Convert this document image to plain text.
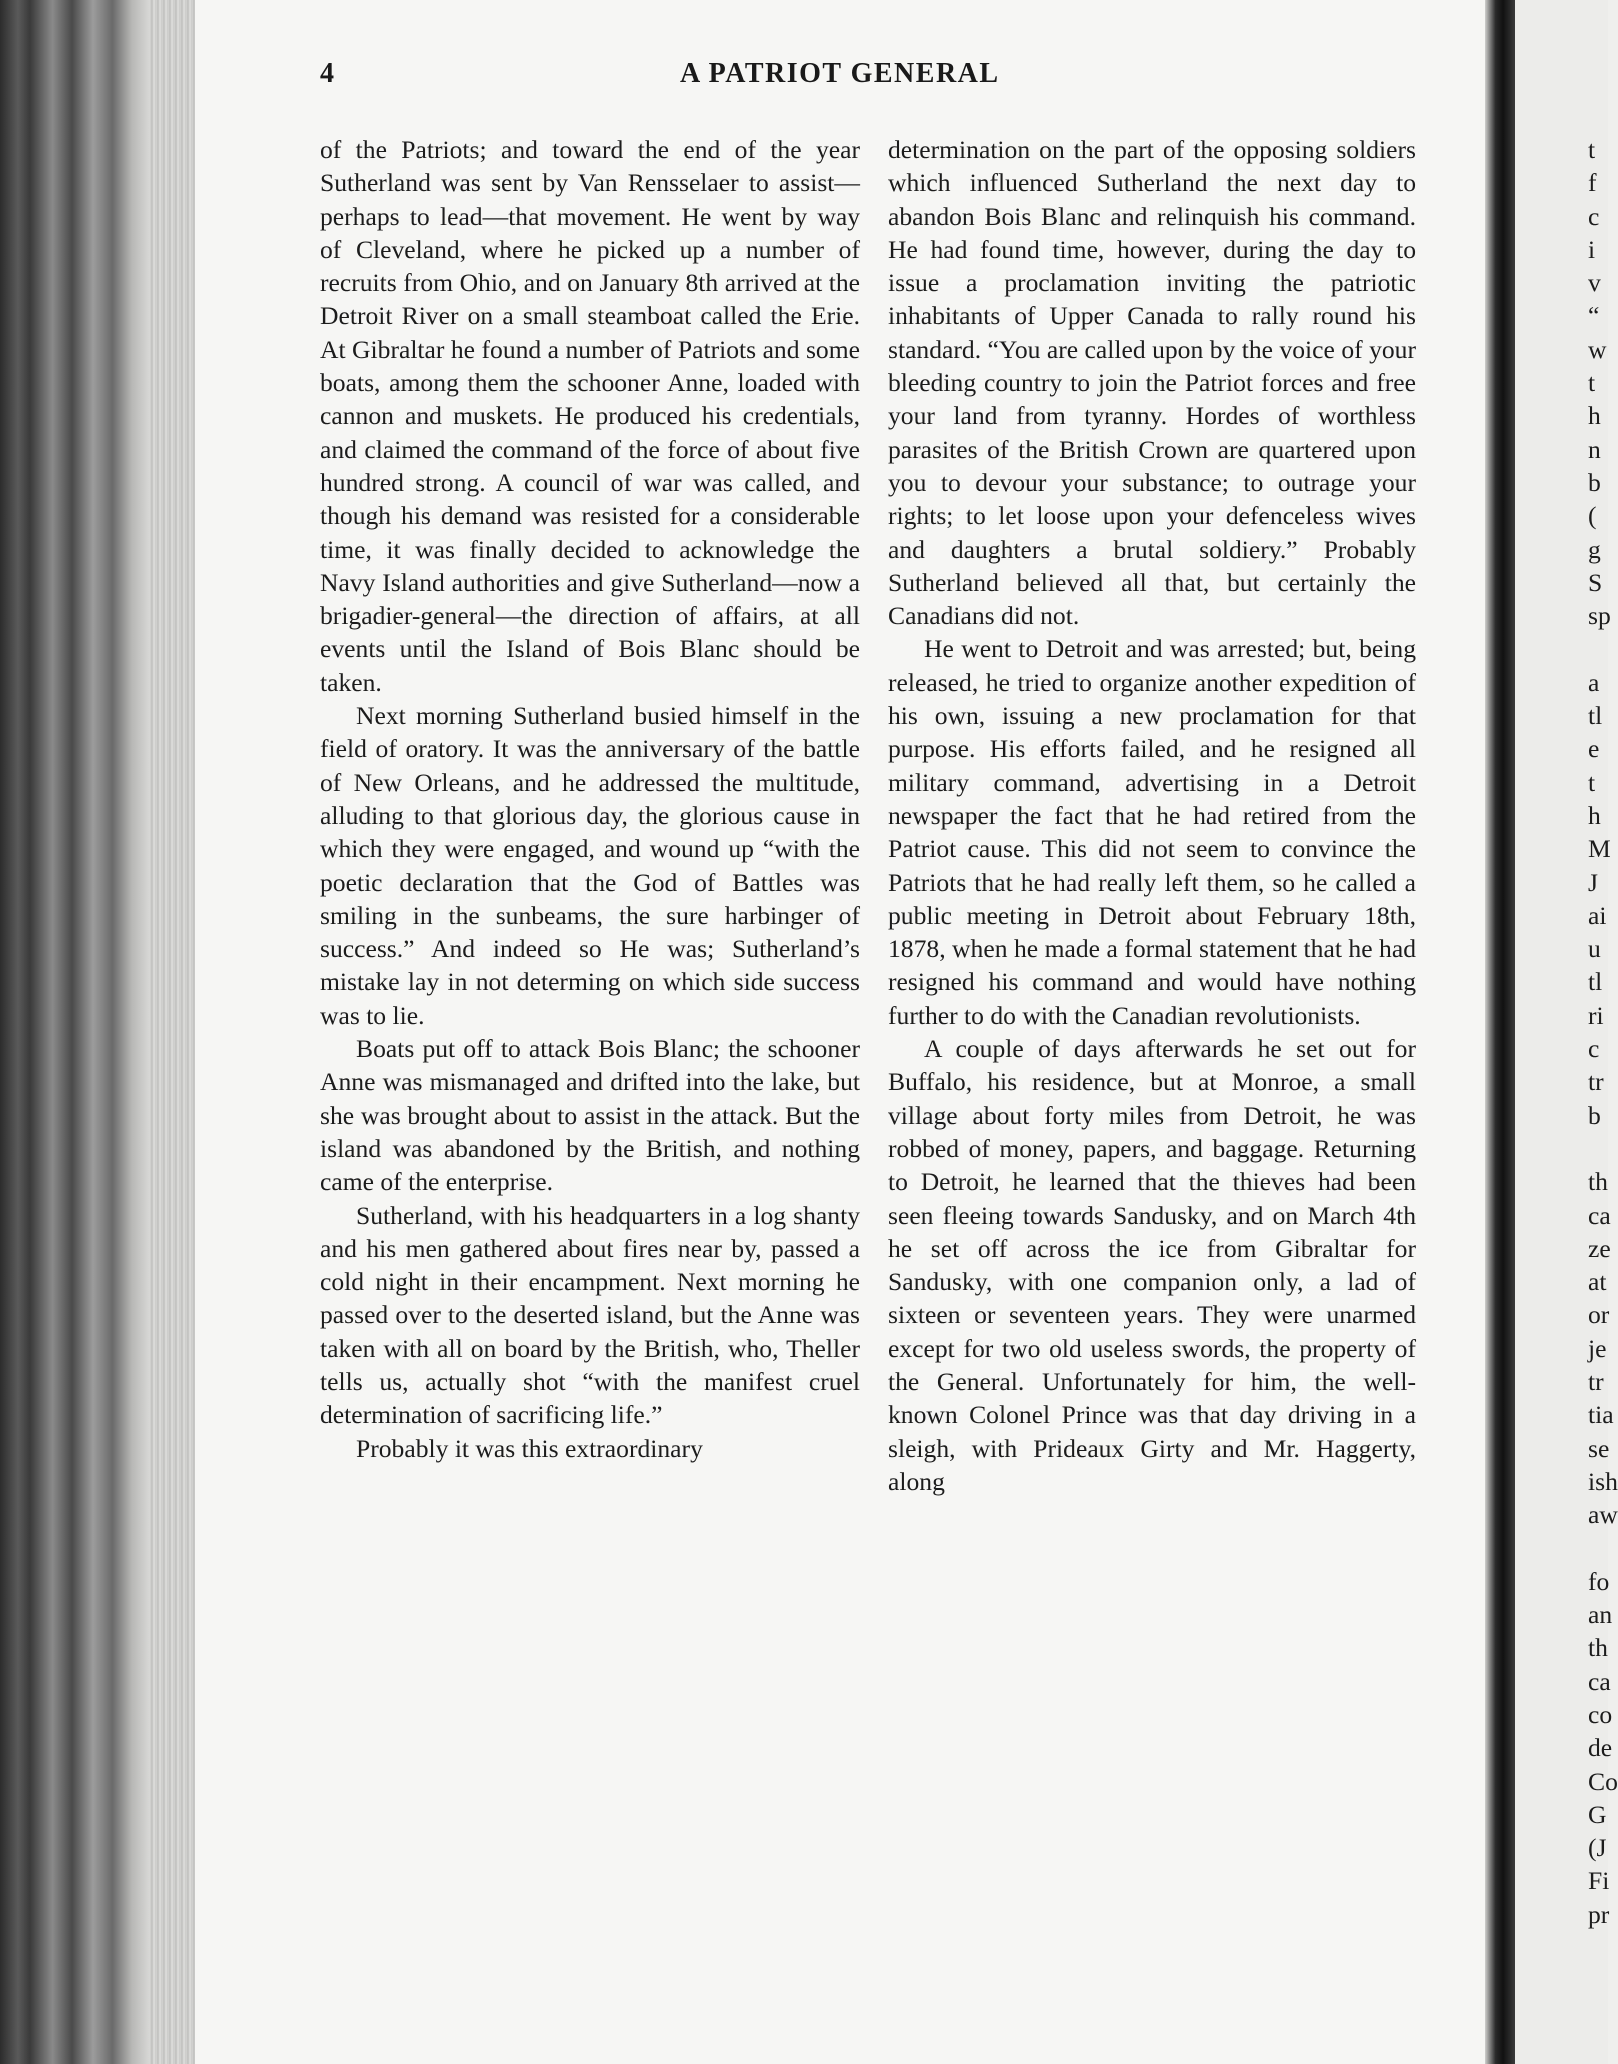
4	A PATRIOT GENERAL

of the Patriots; and toward the end of the year Sutherland was sent by Van Rensselaer to assist—perhaps to lead—that movement. He went by way of Cleveland, where he picked up a number of recruits from Ohio, and on January 8th arrived at the Detroit River on a small steamboat called the Erie. At Gibraltar he found a number of Patriots and some boats, among them the schooner Anne, loaded with cannon and muskets. He produced his credentials, and claimed the command of the force of about five hundred strong. A council of war was called, and though his demand was resisted for a considerable time, it was finally decided to acknowledge the Navy Island authorities and give Sutherland—now a brigadier-general—the direction of affairs, at all events until the Island of Bois Blanc should be taken.

Next morning Sutherland busied himself in the field of oratory. It was the anniversary of the battle of New Orleans, and he addressed the multitude, alluding to that glorious day, the glorious cause in which they were engaged, and wound up “with the poetic declaration that the God of Battles was smiling in the sunbeams, the sure harbinger of success.” And indeed so He was; Sutherland’s mistake lay in not determing on which side success was to lie.

Boats put off to attack Bois Blanc; the schooner Anne was mismanaged and drifted into the lake, but she was brought about to assist in the attack. But the island was abandoned by the British, and nothing came of the enterprise.

Sutherland, with his headquarters in a log shanty and his men gathered about fires near by, passed a cold night in their encampment. Next morning he passed over to the deserted island, but the Anne was taken with all on board by the British, who, Theller tells us, actually shot “with the manifest cruel determination of sacrificing life.”

Probably it was this extraordinary

determination on the part of the opposing soldiers which influenced Sutherland the next day to abandon Bois Blanc and relinquish his command. He had found time, however, during the day to issue a proclamation inviting the patriotic inhabitants of Upper Canada to rally round his standard. “You are called upon by the voice of your bleeding country to join the Patriot forces and free your land from tyranny. Hordes of worthless parasites of the British Crown are quartered upon you to devour your substance; to outrage your rights; to let loose upon your defenceless wives and daughters a brutal soldiery.” Probably Sutherland believed all that, but certainly the Canadians did not.

He went to Detroit and was arrested; but, being released, he tried to organize another expedition of his own, issuing a new proclamation for that purpose. His efforts failed, and he resigned all military command, advertising in a Detroit newspaper the fact that he had retired from the Patriot cause. This did not seem to convince the Patriots that he had really left them, so he called a public meeting in Detroit about February 18th, 1878, when he made a formal statement that he had resigned his command and would have nothing further to do with the Canadian revolutionists.

A couple of days afterwards he set out for Buffalo, his residence, but at Monroe, a small village about forty miles from Detroit, he was robbed of money, papers, and baggage. Returning to Detroit, he learned that the thieves had been seen fleeing towards Sandusky, and on March 4th he set off across the ice from Gibraltar for Sandusky, with one companion only, a lad of sixteen or seventeen years. They were unarmed except for two old useless swords, the property of the General. Unfortunately for him, the well-known Colonel Prince was that day driving in a sleigh, with Prideaux Girty and Mr. Haggerty, along

t
f
c
i
v
“
w
t
h
n
b
(
g
S
sp
a
tl
e
t
h
M
J
ai
u
tl
ri
c
tr
b
th
ca
ze
at
or
je
tr
tia
se
ish
aw
fo
an
th
ca
co
de
Co
G
(J
Fi
pr
